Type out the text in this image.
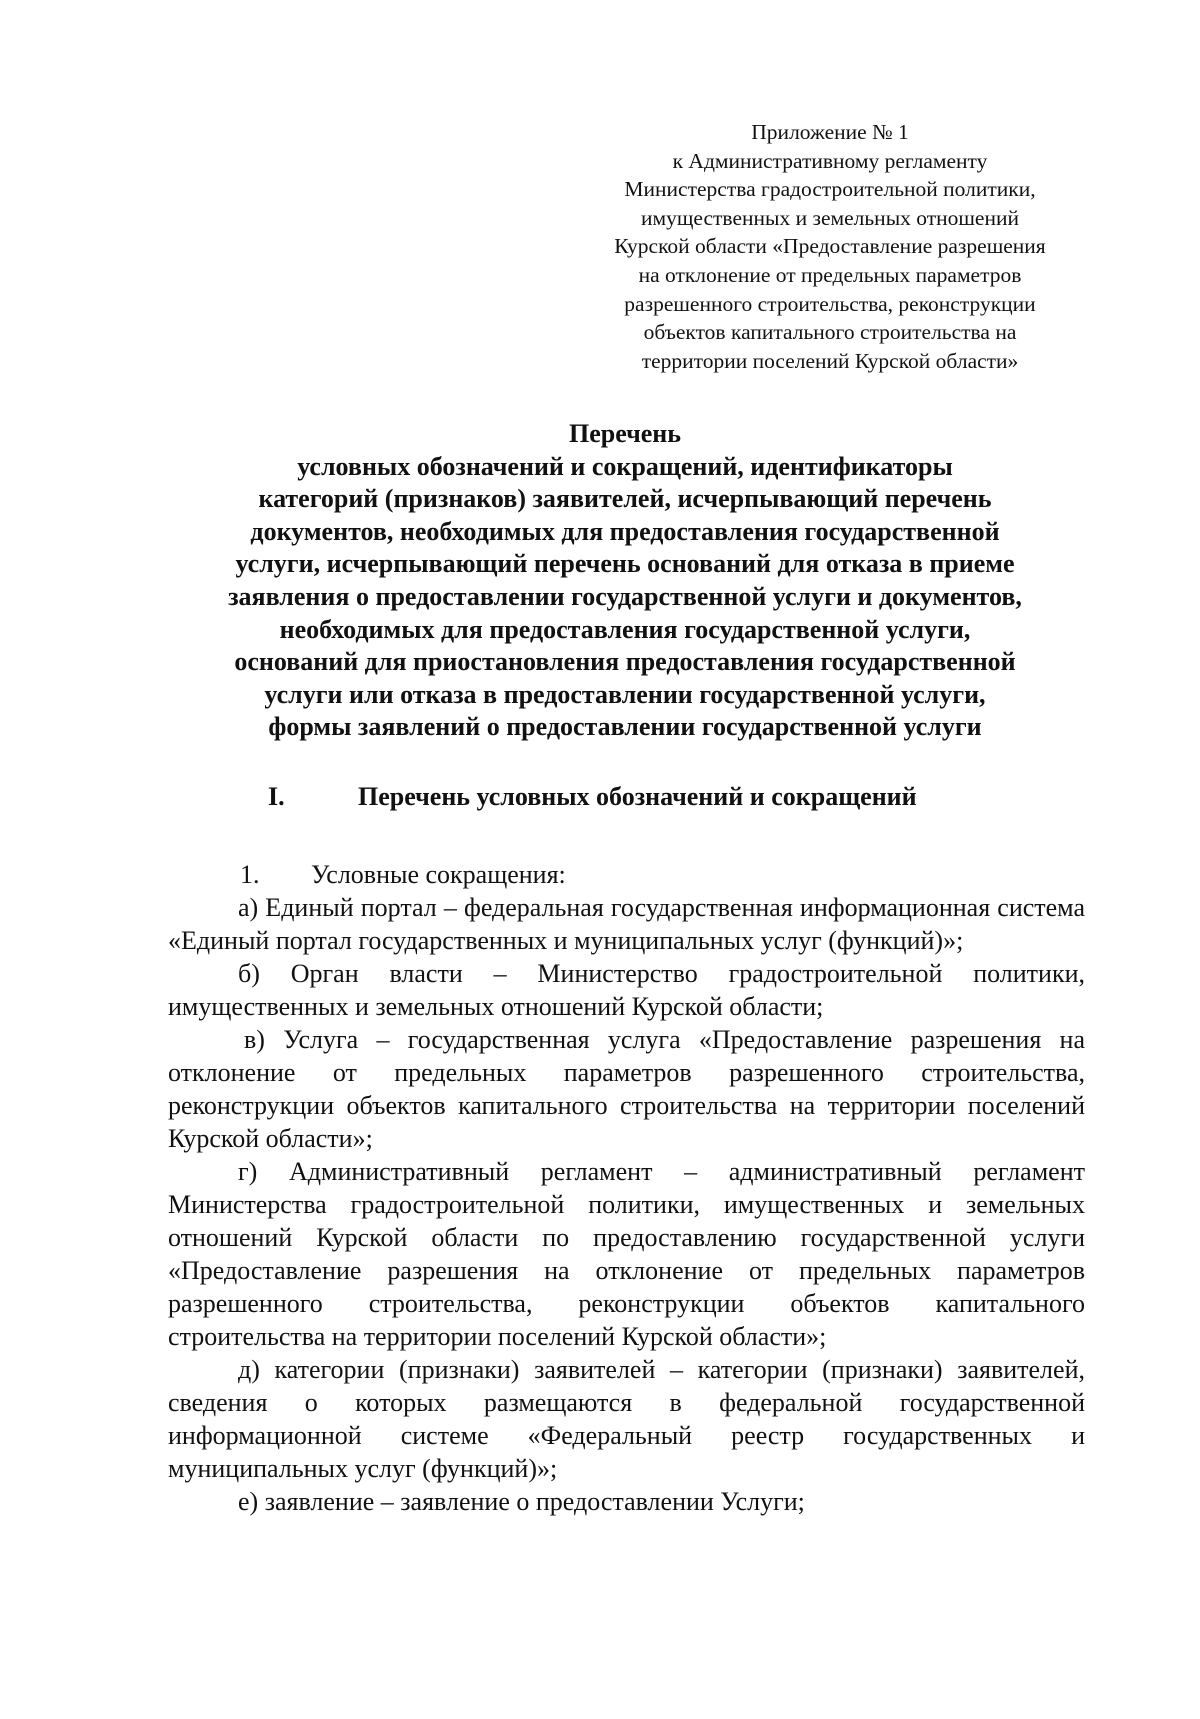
Приложение № 1
к Административному регламенту
Министерства градостроительной политики,
имущественных и земельных отношений
Курской области «Предоставление разрешения
на отклонение от предельных параметров
разрешенного строительства, реконструкции
объектов капитального строительства на
территории поселений Курской области»
Перечень
условных обозначений и сокращений, идентификаторы
категорий (признаков) заявителей, исчерпывающий перечень
документов, необходимых для предоставления государственной
услуги, исчерпывающий перечень оснований для отказа в приеме
заявления о предоставлении государственной услуги и документов,
необходимых для предоставления государственной услуги,
оснований для приостановления предоставления государственной
услуги или отказа в предоставлении государственной услуги,
формы заявлений о предоставлении государственной услуги
I.	Перечень условных обозначений и сокращений
1. Условные сокращения:

а) Единый портал – федеральная государственная информационная система «Единый портал государственных и муниципальных услуг (функций)»;

б) Орган власти – Министерство градостроительной политики, имущественных и земельных отношений Курской области;

в) Услуга – государственная услуга «Предоставление разрешения на отклонение от предельных параметров разрешенного строительства, реконструкции объектов капитального строительства на территории поселений Курской области»;

г) Административный регламент – административный регламент Министерства градостроительной политики, имущественных и земельных отношений Курской области по предоставлению государственной услуги «Предоставление разрешения на отклонение от предельных параметров разрешенного строительства, реконструкции объектов капитального строительства на территории поселений Курской области»;

д) категории (признаки) заявителей – категории (признаки) заявителей, сведения о которых размещаются в федеральной государственной информационной системе «Федеральный реестр государственных и муниципальных услуг (функций)»;

е) заявление – заявление о предоставлении Услуги;
